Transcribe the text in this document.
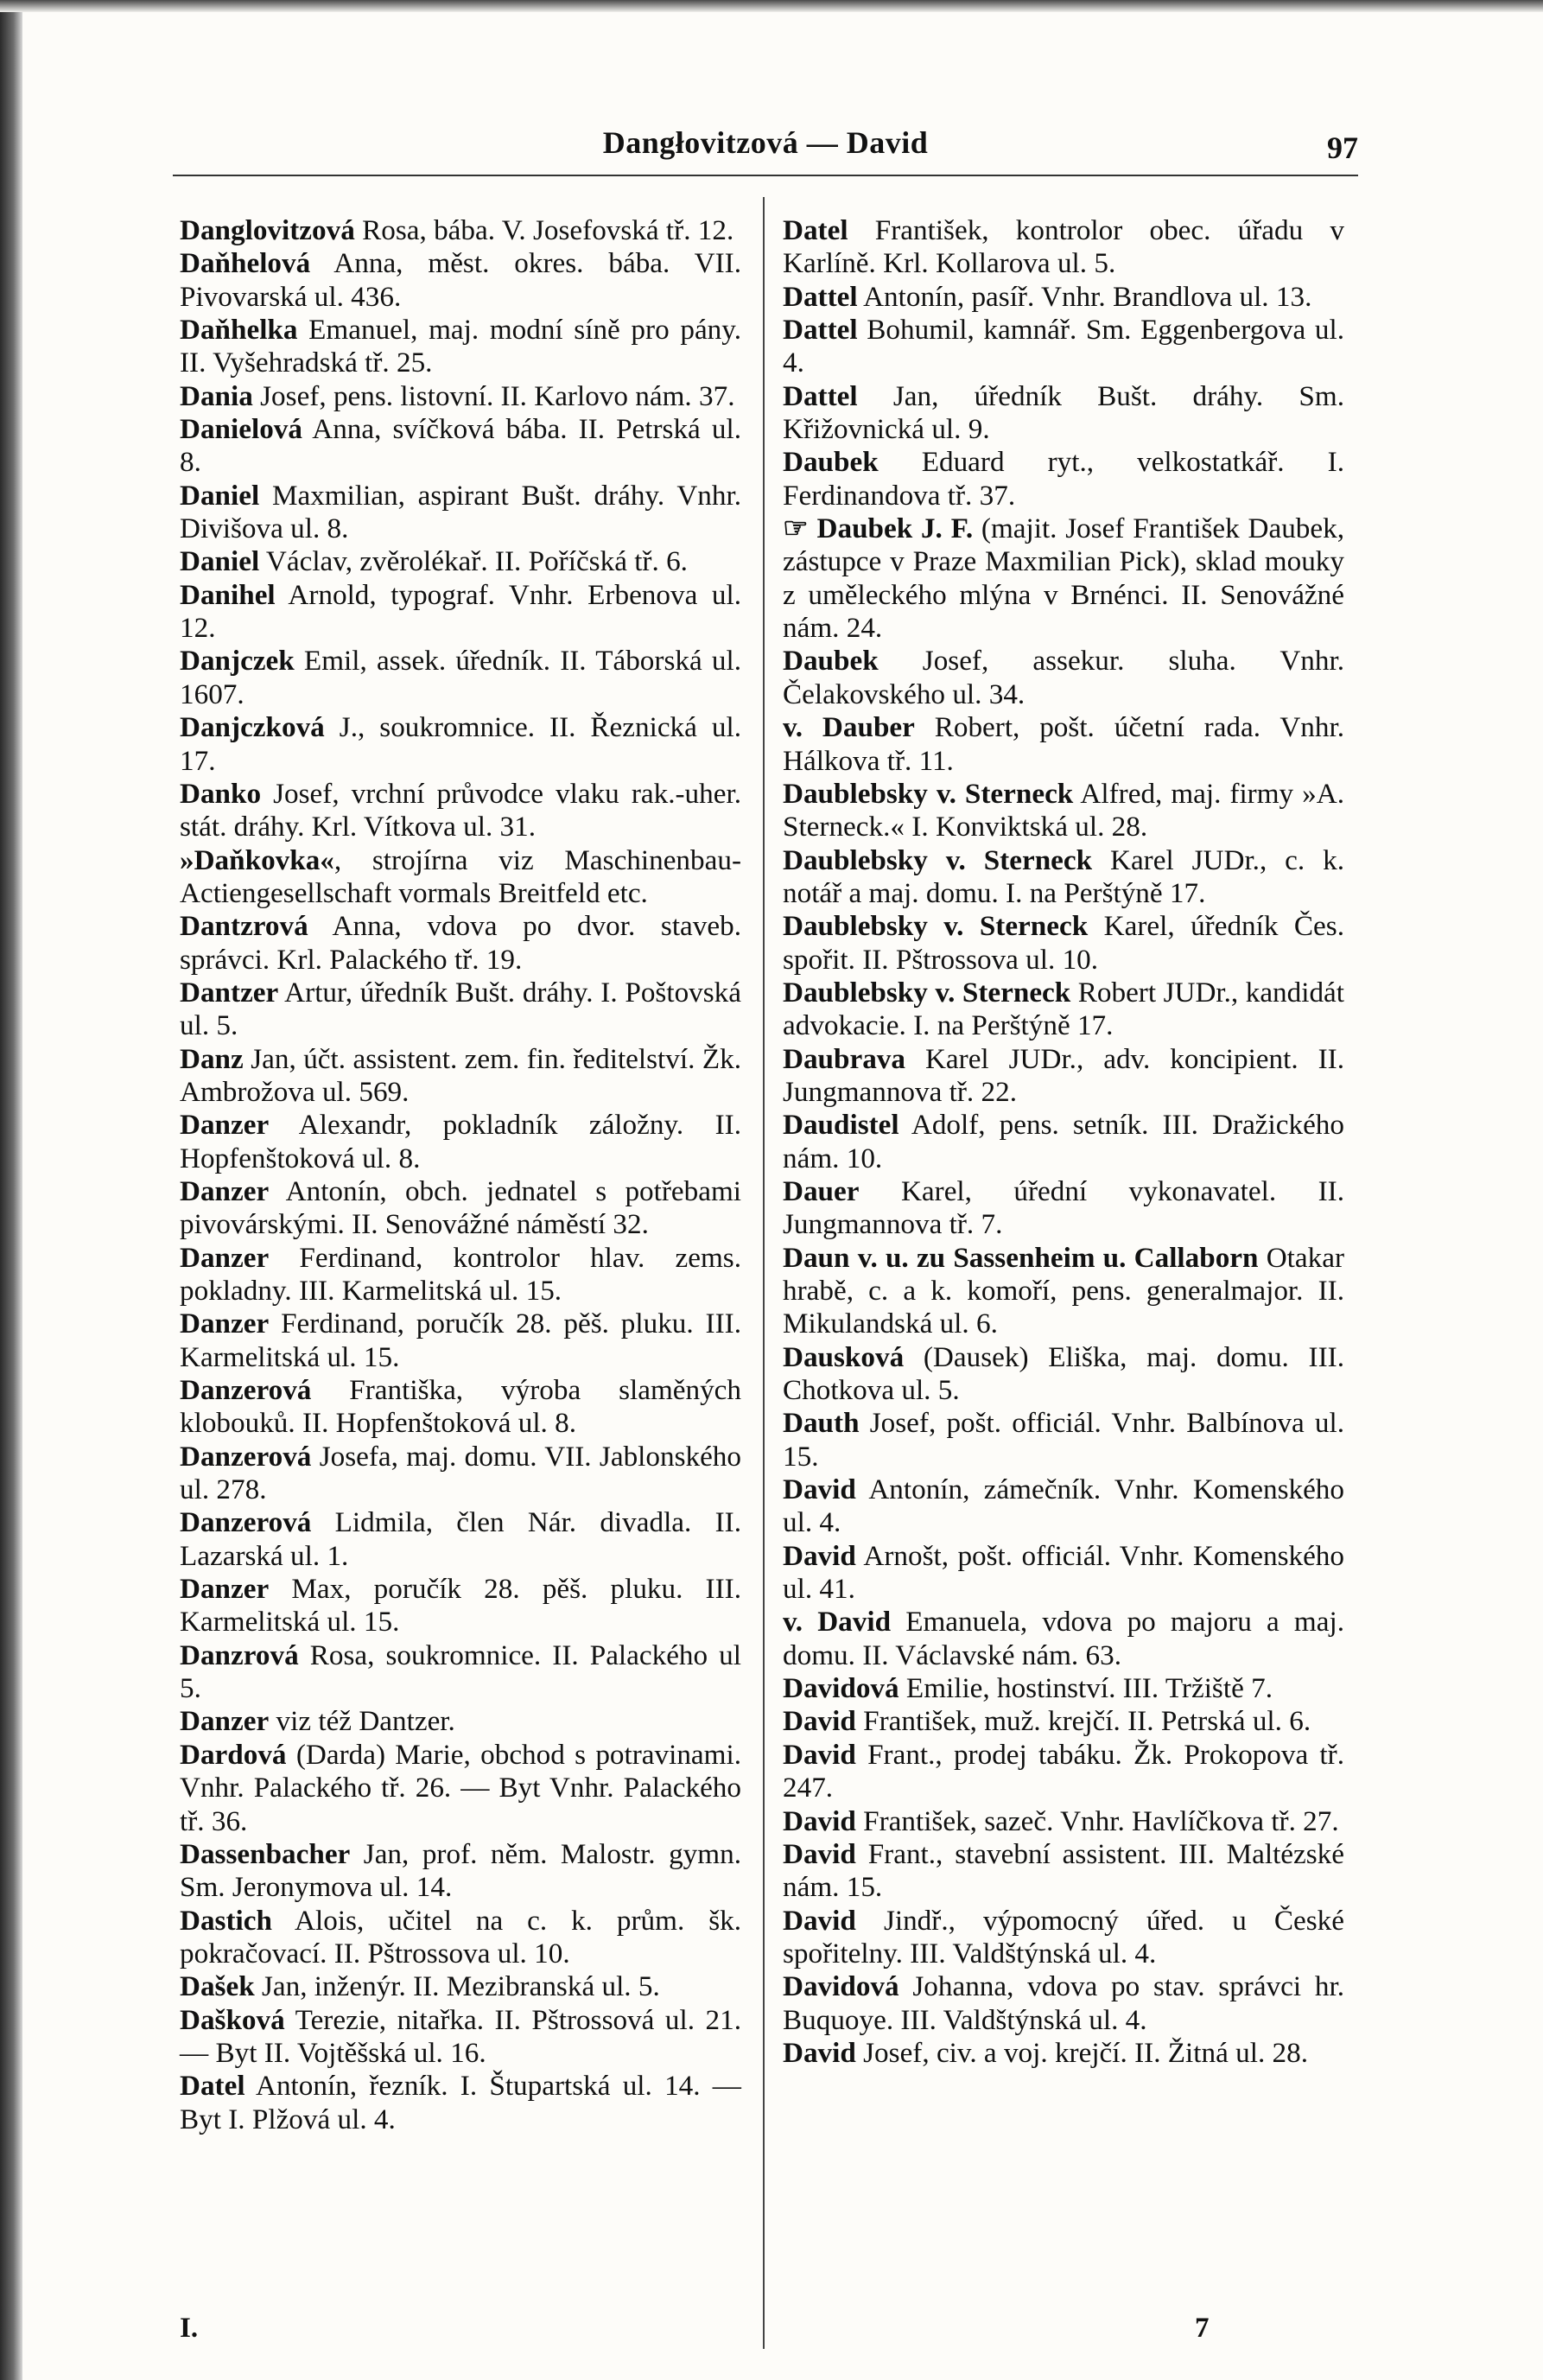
Dangłovitzová — David	97

Danglovitzová Rosa, bába. V. Josefovská tř. 12.

Daňhelová Anna, měst. okres. bába. VII. Pivovarská ul. 436.

Daňhelka Emanuel, maj. modní síně pro pány. II. Vyšehradská tř. 25.

Dania Josef, pens. listovní. II. Karlovo nám. 37.

Danielová Anna, svíčková bába. II. Petrská ul. 8.

Daniel Maxmilian, aspirant Bušt. dráhy. Vnhr. Divišova ul. 8.

Daniel Václav, zvěrolékař. II. Poříčská tř. 6.

Danihel Arnold, typograf. Vnhr. Erbenova ul. 12.

Danjczek Emil, assek. úředník. II. Táborská ul. 1607.

Danjczková J., soukromnice. II. Řeznická ul. 17.

Danko Josef, vrchní průvodce vlaku rak.-uher. stát. dráhy. Krl. Vítkova ul. 31.

»Daňkovka«, strojírna viz Maschinenbau-Actiengesellschaft vormals Breitfeld etc.

Dantzrová Anna, vdova po dvor. staveb. správci. Krl. Palackého tř. 19.

Dantzer Artur, úředník Bušt. dráhy. I. Poštovská ul. 5.

Danz Jan, účt. assistent. zem. fin. ředitelství. Žk. Ambrožova ul. 569.

Danzer Alexandr, pokladník záložny. II. Hopfenštoková ul. 8.

Danzer Antonín, obch. jednatel s potřebami pivovárskými. II. Senovážné náměstí 32.

Danzer Ferdinand, kontrolor hlav. zems. pokladny. III. Karmelitská ul. 15.

Danzer Ferdinand, poručík 28. pěš. pluku. III. Karmelitská ul. 15.

Danzerová Františka, výroba slaměných klobouků. II. Hopfenštoková ul. 8.

Danzerová Josefa, maj. domu. VII. Jablonského ul. 278.

Danzerová Lidmila, člen Nár. divadla. II. Lazarská ul. 1.

Danzer Max, poručík 28. pěš. pluku. III. Karmelitská ul. 15.

Danzrová Rosa, soukromnice. II. Palackého ul 5.

Danzer viz též Dantzer.

Dardová (Darda) Marie, obchod s potravinami. Vnhr. Palackého tř. 26. — Byt Vnhr. Palackého tř. 36.

Dassenbacher Jan, prof. něm. Malostr. gymn. Sm. Jeronymova ul. 14.

Dastich Alois, učitel na c. k. prům. šk. pokračovací. II. Pštrossova ul. 10.

Dašek Jan, inženýr. II. Mezibranská ul. 5.

Dašková Terezie, nitařka. II. Pštrossová ul. 21. — Byt II. Vojtěšská ul. 16.

Datel Antonín, řezník. I. Štupartská ul. 14. — Byt I. Plžová ul. 4.

Datel František, kontrolor obec. úřadu v Karlíně. Krl. Kollarova ul. 5.

Dattel Antonín, pasíř. Vnhr. Brandlova ul. 13.

Dattel Bohumil, kamnář. Sm. Eggenbergova ul. 4.

Dattel Jan, úředník Bušt. dráhy. Sm. Křižovnická ul. 9.

Daubek Eduard ryt., velkostatkář. I. Ferdinandova tř. 37.

☞ Daubek J. F. (majit. Josef František Daubek, zástupce v Praze Maxmilian Pick), sklad mouky z uměleckého mlýna v Brnénci. II. Senovážné nám. 24.

Daubek Josef, assekur. sluha. Vnhr. Čelakovského ul. 34.

v. Dauber Robert, pošt. účetní rada. Vnhr. Hálkova tř. 11.

Daublebsky v. Sterneck Alfred, maj. firmy »A. Sterneck.« I. Konviktská ul. 28.

Daublebsky v. Sterneck Karel JUDr., c. k. notář a maj. domu. I. na Perštýně 17.

Daublebsky v. Sterneck Karel, úředník Čes. spořit. II. Pštrossova ul. 10.

Daublebsky v. Sterneck Robert JUDr., kandidát advokacie. I. na Perštýně 17.

Daubrava Karel JUDr., adv. koncipient. II. Jungmannova tř. 22.

Daudistel Adolf, pens. setník. III. Dražického nám. 10.

Dauer Karel, úřední vykonavatel. II. Jungmannova tř. 7.

Daun v. u. zu Sassenheim u. Callaborn Otakar hrabě, c. a k. komoří, pens. generalmajor. II. Mikulandská ul. 6.

Dausková (Dausek) Eliška, maj. domu. III. Chotkova ul. 5.

Dauth Josef, pošt. officiál. Vnhr. Balbínova ul. 15.

David Antonín, zámečník. Vnhr. Komenského ul. 4.

David Arnošt, pošt. officiál. Vnhr. Komenského ul. 41.

v. David Emanuela, vdova po majoru a maj. domu. II. Václavské nám. 63.

Davidová Emilie, hostinství. III. Tržiště 7.

David František, muž. krejčí. II. Petrská ul. 6.

David Frant., prodej tabáku. Žk. Prokopova tř. 247.

David František, sazeč. Vnhr. Havlíčkova tř. 27.

David Frant., stavební assistent. III. Maltézské nám. 15.

David Jindř., výpomocný úřed. u České spořitelny. III. Valdštýnská ul. 4.

Davidová Johanna, vdova po stav. správci hr. Buquoye. III. Valdštýnská ul. 4.

David Josef, civ. a voj. krejčí. II. Žitná ul. 28.

I.	7
